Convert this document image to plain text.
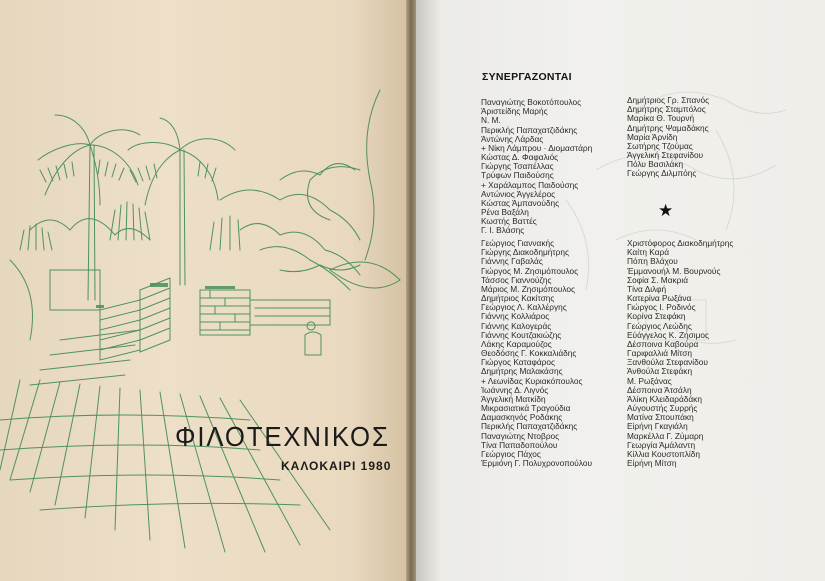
ΦΙΛΟΤΕΧΝΙΚΟΣ
ΚΑΛΟΚΑΙΡΙ 1980
ΣΥΝΕΡΓΑΖΟΝΤΑΙ
Παναγιώτης Βοκοτόπουλος
Άριστείδης Μαρής
Ν. Μ.
Περικλής Παπαχατζιδάκης
Άντώνης Λάρδας
+ Νίκη Λάμπρου · Διομαστάρη
Κώστας Δ. Φαφαλιός
Γιώργης Τσαπέλλας
Τρύφων Παιδούσης
+ Χαράλαμπος Παιδούσης
Αντώνιος Άγγελέρος
Κώστας Άμπανούδης
Ρένα Βαξάλη
Κωστής Βαττές
Γ. Ι. Βλάσης
Δημήτριος Γρ. Σπανός
Δημήτρης Σταμπόλος
Μαρίκα Θ. Τουρνή
Δημήτρης Ψαμαδάκης
Μαρία Άρνίδη
Σωτήρης Τζούμας
Άγγελική Στεφανίδου
Πόλυ Βασιλάκη
Γεώργης Διλμπόης
Γεώργιος Γιαννακής
Γιώργης Διακοδημήτρης
Γιάννης Γαβαλάς
Γιώργος Μ. Ζησιμόπουλος
Τάσσος Γιαννούζης
Μάριος Μ. Ζησιμόπουλος
Δημήτριος Κακίτσης
Γεώργιος Λ. Καλλέργης
Γιάννης Κολλιάρος
Γιάννης Καλογεράς
Γιάννης Κουτζακιώζης
Λάκης Καραμούζος
Θεοδόσης Γ. Κοκκαλιάδης
Γιώργος Καταφάρος
Δημήτρης Μαλακάσης
+ Λεωνίδας Κυριακόπουλος
Ίωάννης Δ. Λιγνός
Άγγελική Ματκίδη
Μικρασιατικά Τραγούδια
Δαμασκηνός Ροδάκης
Περικλής Παπαχατζιδάκης
Παναγιώτης Ντοβρος
Τίνα Παπαδοπούλου
Γεώργιος Πάχος
Έρμιόνη Γ. Πολυχρονοπούλου
Χριστόφορος Διακοδημήτρης
Καίτη Καρά
Πόπη Βλάχου
Έμμανουήλ Μ. Βουρνούς
Σοφία Σ. Μακριά
Τίνα Διλφή
Κατερίνα Ρωξάνα
Γιώργος Ι. Ροδινός
Κορίνα Στεφάκη
Γεώργιος Λεώδης
Εύάγγελος Κ. Ζήσιμος
Δέσποινα Καβούρα
Γαριφαλλιά Μίτση
Ξανθούλα Στεφανίδου
Άνθούλα Στεφάκη
Μ. Ρωξάνας
Δέσποινα Άτσάλη
Άλίκη Κλειδαράδάκη
Αύγουστής Συρρής
Ματίνα Σπουπάκη
Είρήνη Γκαγιάλη
Μαρκέλλα Γ. Ζύμαρη
Γεωργία Άμάλαντη
Κίλλια Κουστοπλίδη
Είρήνη Μίτση
★
